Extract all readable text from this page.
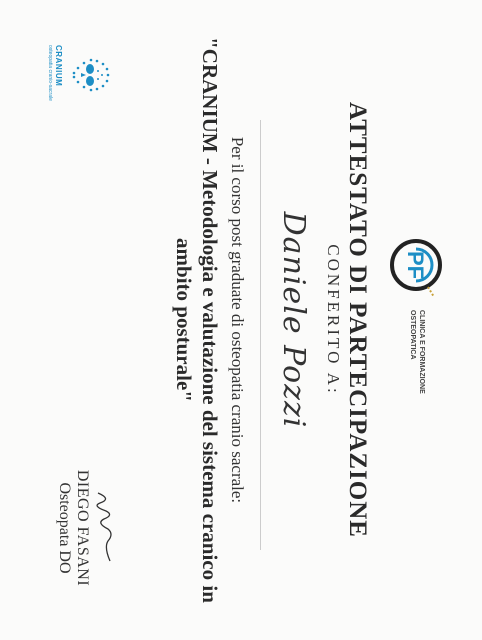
PF
CLINICA E FORMAZIONE
OSTEOPATICA
ATTESTATO DI PARTECIPAZIONE
CONFERITO A:
Daniele Pozzi
Per il corso post graduate di osteopatia cranio sacrale:
"CRANIUM - Metodologia e valutazione del sistema cranico in ambito posturale"
DIEGO FASANI
Osteopata DO
CRANIUM
osteopatia cranio-sacrale
